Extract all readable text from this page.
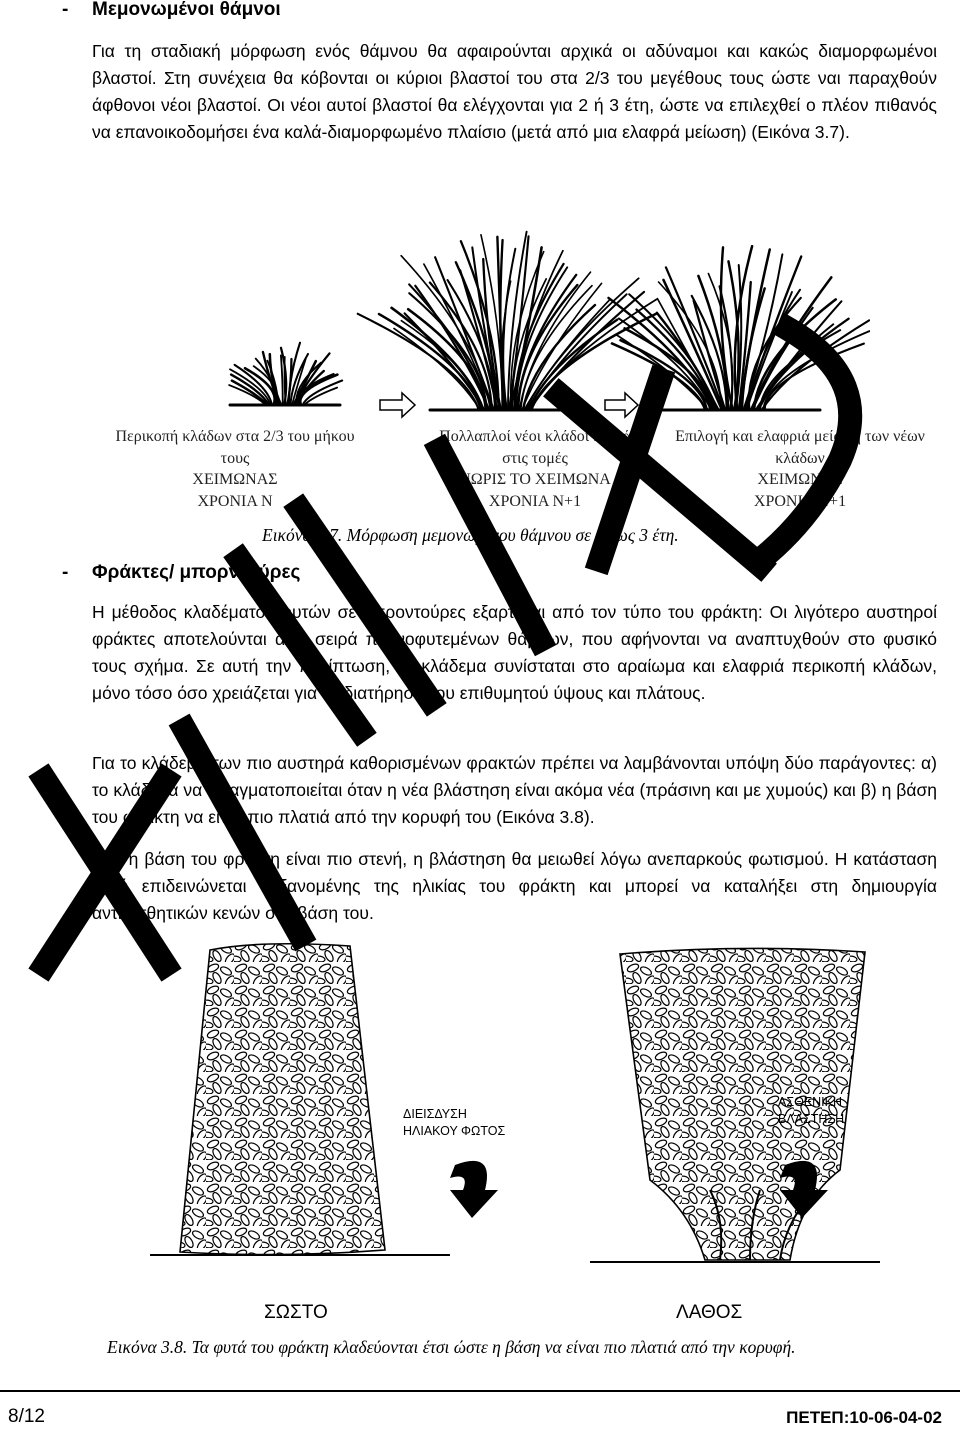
- Μεμονωμένοι θάμνοι
Για τη σταδιακή μόρφωση ενός θάμνου θα αφαιρούνται αρχικά οι αδύναμοι και κακώς διαμορφωμένοι βλαστοί. Στη συνέχεια θα κόβονται οι κύριοι βλαστοί του στα 2/3 του μεγέθους τους ώστε ναι παραχθούν άφθονοι νέοι βλαστοί. Οι νέοι αυτοί βλαστοί θα ελέγχονται για 2 ή 3 έτη, ώστε να επιλεχθεί ο πλέον πιθανός να επανοικοδομήσει ένα καλά-διαμορφωμένο πλαίσιο (μετά από μια ελαφρά μείωση) (Εικόνα 3.7).
Περικοπή κλάδων στα 2/3 του μήκου
τους
ΧΕΙΜΩΝΑΣ
ΧΡΟΝΙΑ Ν
Πολλαπλοί νέοι κλάδοι κοντά
στις τομές
ΝΩΡΙΣ ΤΟ ΧΕΙΜΩΝΑ
ΧΡΟΝΙΑ Ν+1
Επιλογή και ελαφριά μείωση των νέων
κλάδων
ΧΕΙΜΩΝΑΣ
ΧΡΟΝΙΑ Ν+1
Εικόνα 3.7. Μόρφωση μεμονωμένου θάμνου σε 2 εως 3 έτη.
- Φράκτες/ μπορντούρες
Η μέθοδος κλαδέματος φυτών σε μπροντούρες εξαρτάται από τον τύπο του φράκτη: Οι λιγότερο αυστηροί φράκτες αποτελούνται από σειρά πυκνοφυτεμένων θάμνων, που αφήνονται να αναπτυχθούν στο φυσικό τους σχήμα. Σε αυτή την περίπτωση, το κλάδεμα συνίσταται στο αραίωμα και ελαφριά περικοπή κλάδων, μόνο τόσο όσο χρειάζεται για τη διατήρηση του επιθυμητού ύψους και πλάτους.
Για το κλάδεμα των πιο αυστηρά καθορισμένων φρακτών πρέπει να λαμβάνονται υπόψη δύο παράγοντες: α) το κλάδεμα να πραγματοποιείται όταν η νέα βλάστηση είναι ακόμα νέα (πράσινη και με χυμούς) και β) η βάση του φράκτη να είναι πιο πλατιά από την κορυφή του (Εικόνα 3.8).
Εάν η βάση του φράκτη είναι πιο στενή, η βλάστηση θα μειωθεί λόγω ανεπαρκούς φωτισμού. Η κατάσταση αυτή επιδεινώνεται αυξανομένης της ηλικίας του φράκτη και μπορεί να καταλήξει στη δημιουργία αντιαισθητικών κενών στη βάση του.
ΔΙΕΙΣΔΥΣΗ
ΗΛΙΑΚΟΥ ΦΩΤΟΣ
ΑΣΘΕΝΙΚΗ
ΒΛΑΣΤΗΣΗ
ΣΩΣΤΟ	ΛΑΘΟΣ
Εικόνα 3.8. Τα φυτά του φράκτη κλαδεύονται έτσι ώστε η βάση να είναι πιο πλατιά από την κορυφή.
8/12	ΠΕΤΕΠ:10-06-04-02
